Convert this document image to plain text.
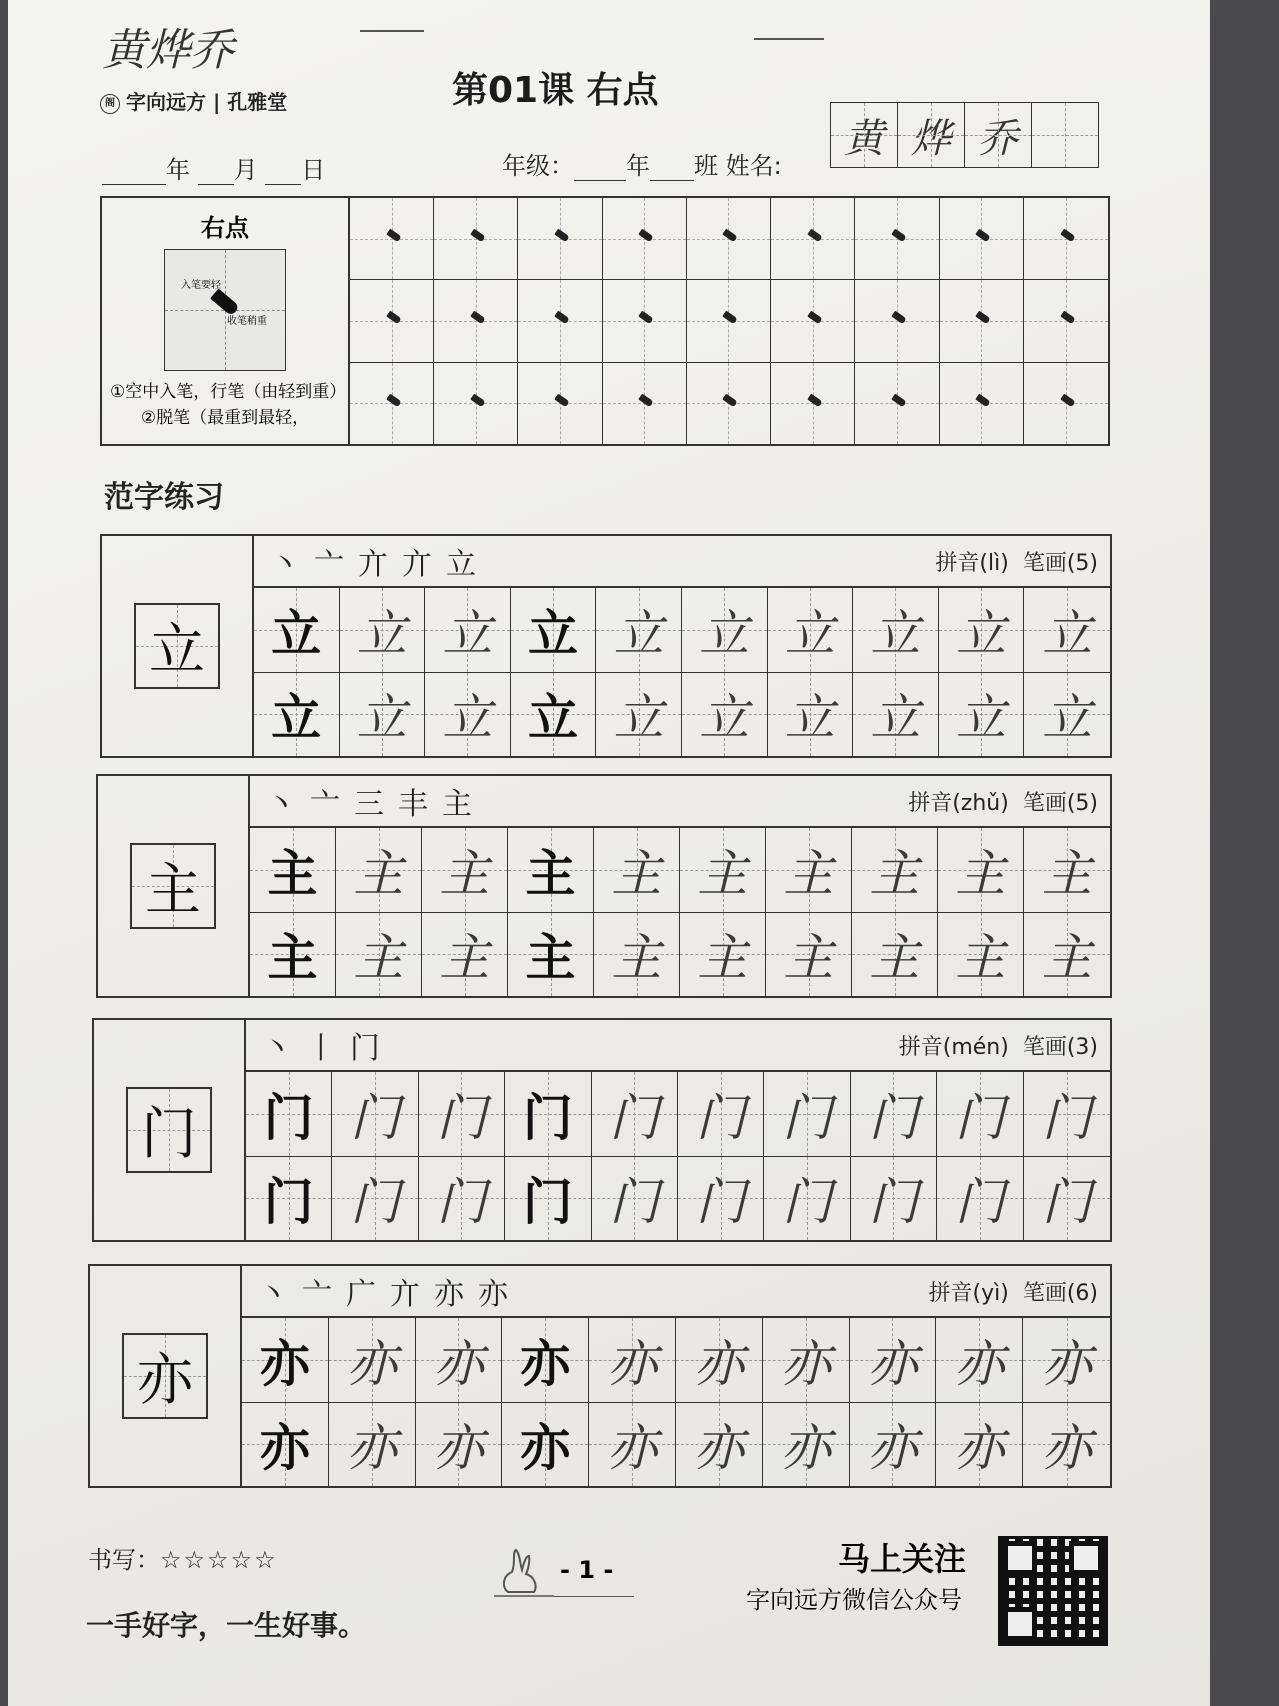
黄烨乔
阁 字向远方 | 孔雅堂	第01课 右点
年 月 日	年级： 年 班 姓名:
黄 烨 乔
右点
入笔要轻
收笔稍重
①空中入笔，行笔（由轻到重）
②脱笔（最重到最轻，
范字练习
立
丶亠亣亣立	拼音(lì) 笔画(5)
立 立 立 立 立 立 立 立 立 立
立 立 立 立 立 立 立 立 立 立
主
丶亠三丰主	拼音(zhǔ) 笔画(5)
主 主 主 主 主 主 主 主 主 主
主 主 主 主 主 主 主 主 主 主
门
丶丨门	拼音(mén) 笔画(3)
门 门 门 门 门 门 门 门 门 门
门 门 门 门 门 门 门 门 门 门
亦
丶亠广亣亦亦	拼音(yì) 笔画(6)
亦 亦 亦 亦 亦 亦 亦 亦 亦 亦
亦 亦 亦 亦 亦 亦 亦 亦 亦 亦
书写：☆☆☆☆☆
一手好字，一生好事。
- 1 -	马上关注
字向远方微信公众号
